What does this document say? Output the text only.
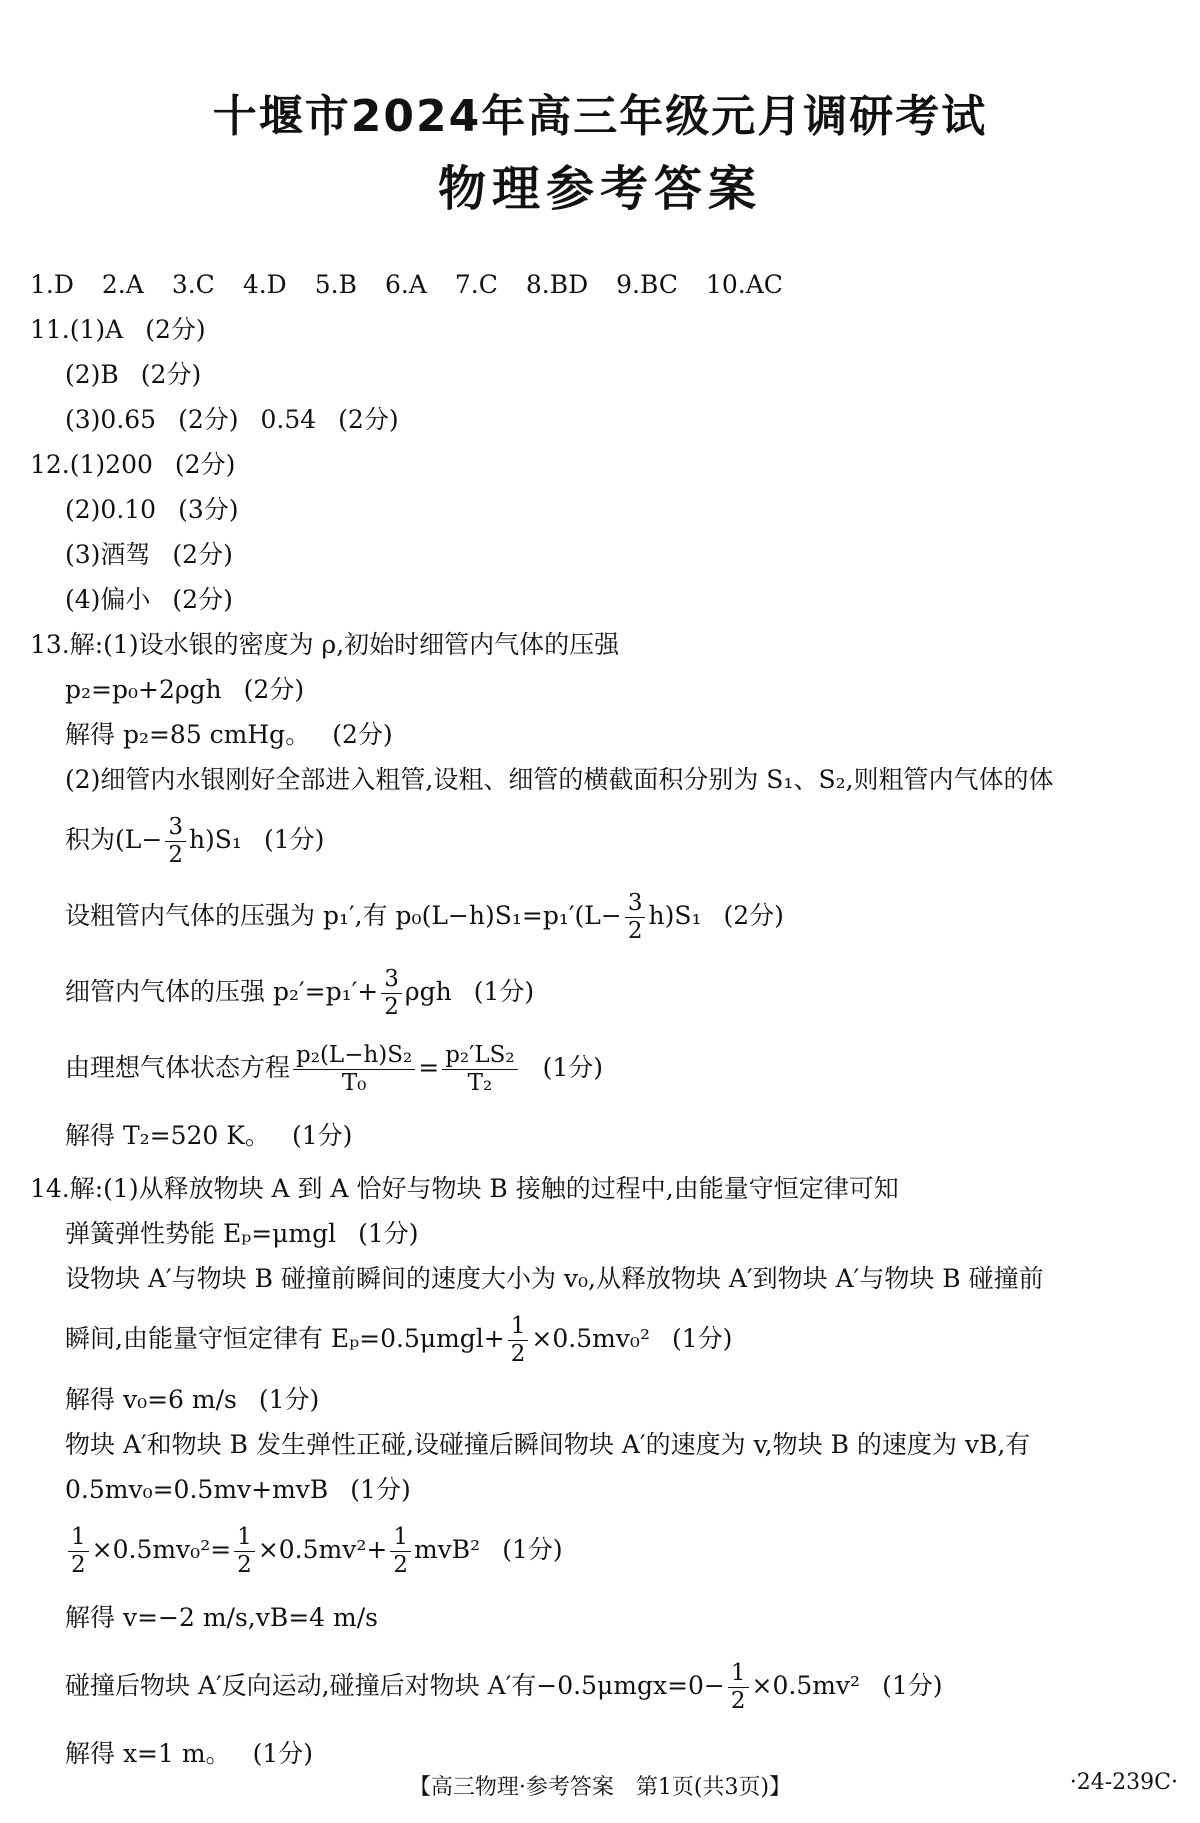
十堰市2024年高三年级元月调研考试
物理参考答案
1.D 2.A 3.C 4.D 5.B 6.A 7.C 8.BD 9.BC 10.AC
11.(1)A (2分)
(2)B (2分)
(3)0.65 (2分) 0.54 (2分)
12.(1)200 (2分)
(2)0.10 (3分)
(3)酒驾 (2分)
(4)偏小 (2分)
13.解:(1)设水银的密度为 ρ,初始时细管内气体的压强
p₂=p₀+2ρgh (2分)
解得 p₂=85 cmHg。 (2分)
(2)细管内水银刚好全部进入粗管,设粗、细管的横截面积分别为 S₁、S₂,则粗管内气体的体
积为$(L- \frac{3}{2} h)S_1$ (1分)
设粗管内气体的压强为 p₁′,有 $p_0(L-h)S_1=p_1'(L- \frac{3}{2} h)S_1$ (2分)
细管内气体的压强 $p_2'=p_1'+ \frac{3}{2}$ ρgh (1分)
由理想气体状态方程 $\frac{\text{p₂(L−h)S₂}}{\text{T₀}} = \frac{\text{p₂′LS₂}}{\text{T₂}} (1$分)
解得 T₂=520 K。 (1分)
14.解:(1)从释放物块 A 到 A 恰好与物块 B 接触的过程中,由能量守恒定律可知
弹簧弹性势能 Eₚ=μmgl (1分)
设物块 A′与物块 B 碰撞前瞬间的速度大小为 v₀,从释放物块 A′到物块 A′与物块 B 碰撞前
瞬间,由能量守恒定律有 $E_p=0.5\mu mgl+ \frac{1}{2} \times 0.5mv_0^2$ (1分)
解得 v₀=6 m/s (1分)
物块 A′和物块 B 发生弹性正碰,设碰撞后瞬间物块 A′的速度为 v,物块 B 的速度为 vB,有
0.5mv₀=0.5mv+mvB (1分)
$\frac{1}{2} \times 0.5mv_0^2= \frac{1}{2} \times 0.5mv^2+ \frac{1}{2} mvB^2$ (1分)
解得 v=−2 m/s,vB=4 m/s
碰撞后物块 A′反向运动,碰撞后对物块 A′有$-0.5\mu mgx=0- \frac{1}{2} \times 0.5mv^2$ (1分)
解得 x=1 m。 (1分)
【高三物理·参考答案　第1页(共3页)】	·24-239C·
